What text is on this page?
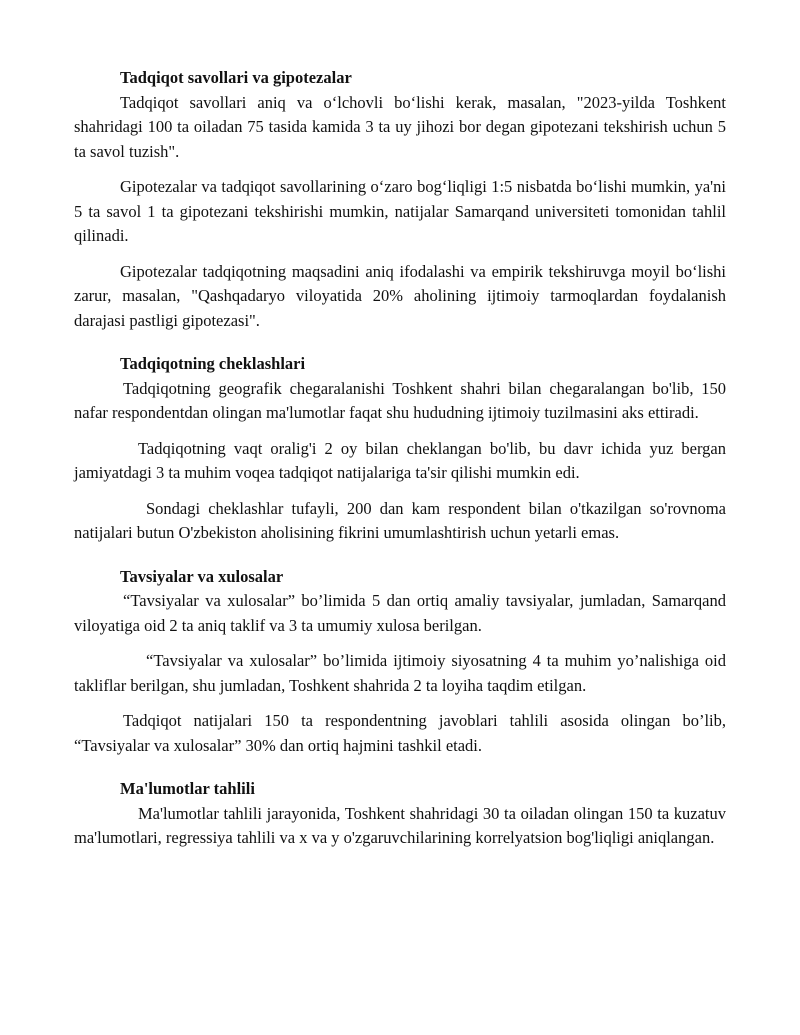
Tadqiqot savollari va gipotezalar

Tadqiqot savollari aniq va oʻlchovli boʻlishi kerak, masalan, "2023-yilda Toshkent shahridagi 100 ta oiladan 75 tasida kamida 3 ta uy jihozi bor degan gipotezani tekshirish uchun 5 ta savol tuzish".

Gipotezalar va tadqiqot savollarining oʻzaro bogʻliqligi 1:5 nisbatda boʻlishi mumkin, ya'ni 5 ta savol 1 ta gipotezani tekshirishi mumkin, natijalar Samarqand universiteti tomonidan tahlil qilinadi.

Gipotezalar tadqiqotning maqsadini aniq ifodalashi va empirik tekshiruvga moyil boʻlishi zarur, masalan, "Qashqadaryo viloyatida 20% aholining ijtimoiy tarmoqlardan foydalanish darajasi pastligi gipotezasi".

Tadqiqotning cheklashlari

Tadqiqotning geografik chegaralanishi Toshkent shahri bilan chegaralangan bo'lib, 150 nafar respondentdan olingan ma'lumotlar faqat shu hududning ijtimoiy tuzilmasini aks ettiradi.

Tadqiqotning vaqt oralig'i 2 oy bilan cheklangan bo'lib, bu davr ichida yuz bergan jamiyatdagi 3 ta muhim voqea tadqiqot natijalariga ta'sir qilishi mumkin edi.

Sondagi cheklashlar tufayli, 200 dan kam respondent bilan o'tkazilgan so'rovnoma natijalari butun O'zbekiston aholisining fikrini umumlashtirish uchun yetarli emas.

Tavsiyalar va xulosalar

“Tavsiyalar va xulosalar” bo’limida 5 dan ortiq amaliy tavsiyalar, jumladan, Samarqand viloyatiga oid 2 ta aniq taklif va 3 ta umumiy xulosa berilgan.

“Tavsiyalar va xulosalar” bo’limida ijtimoiy siyosatning 4 ta muhim yo’nalishiga oid takliflar berilgan, shu jumladan, Toshkent shahrida 2 ta loyiha taqdim etilgan.

Tadqiqot natijalari 150 ta respondentning javoblari tahlili asosida olingan bo’lib, “Tavsiyalar va xulosalar” 30% dan ortiq hajmini tashkil etadi.

Ma'lumotlar tahlili

Ma'lumotlar tahlili jarayonida, Toshkent shahridagi 30 ta oiladan olingan 150 ta kuzatuv ma'lumotlari, regressiya tahlili va x va y o'zgaruvchilarining korrelyatsion bog'liqligi aniqlangan.
